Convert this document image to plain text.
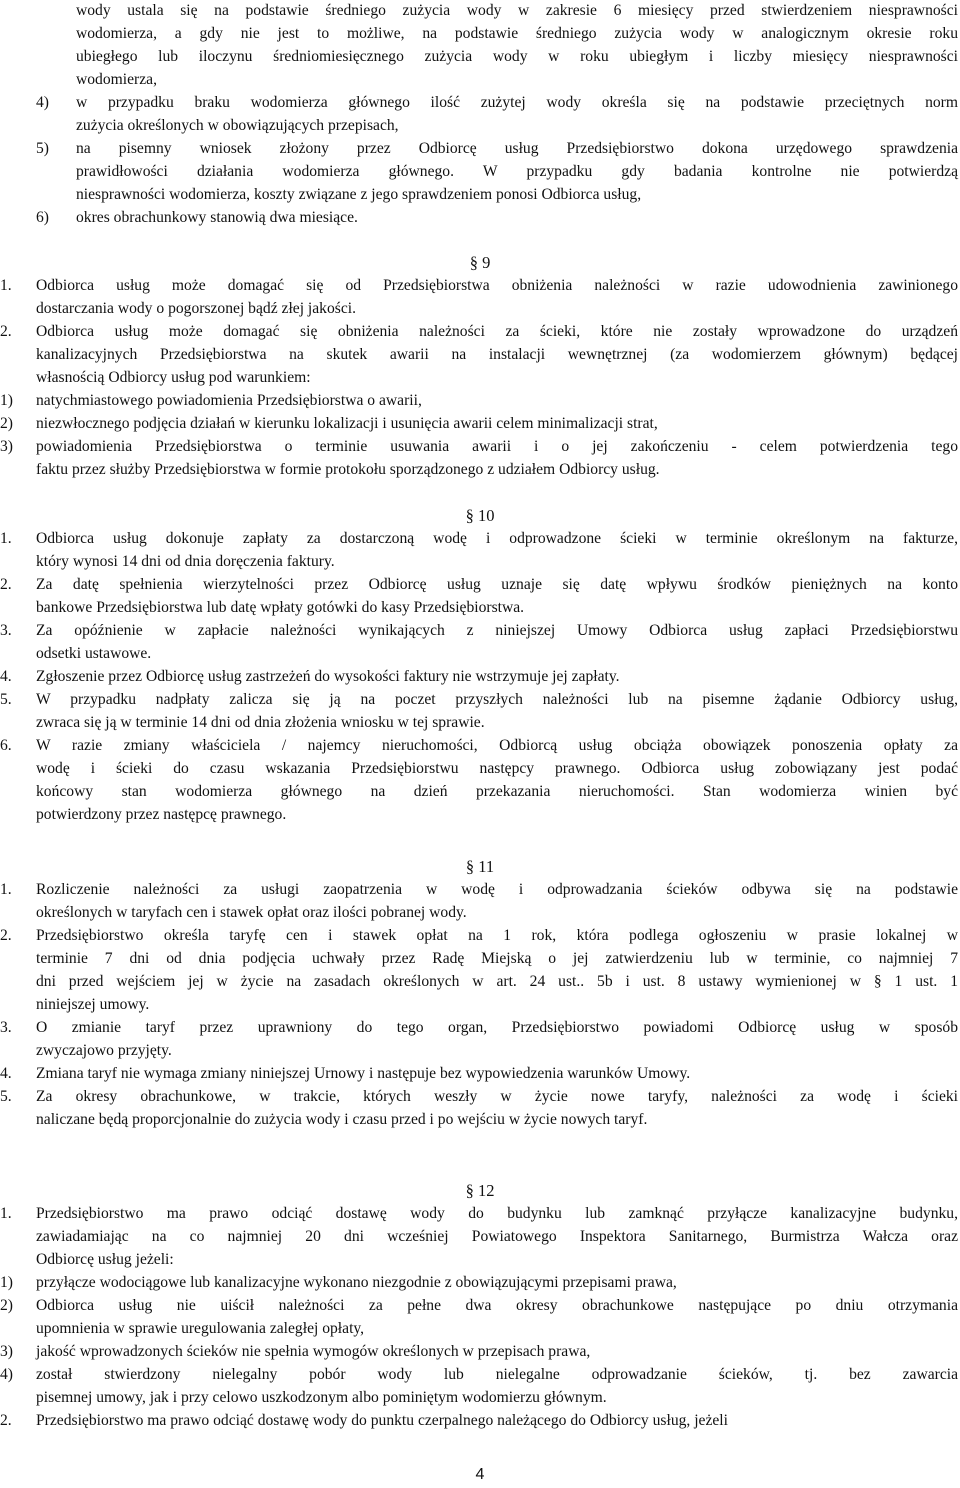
wody ustala się na podstawie średniego zużycia wody w zakresie 6 miesięcy przed stwierdzeniem niesprawności
wodomierza, a gdy nie jest to możliwe, na podstawie średniego zużycia wody w analogicznym okresie roku
ubiegłego lub iloczynu średniomiesięcznego zużycia wody w roku ubiegłym i liczby miesięcy niesprawności
wodomierza,
4) w przypadku braku wodomierza głównego ilość zużytej wody określa się na podstawie przeciętnych norm
zużycia określonych w obowiązujących przepisach,
5) na pisemny wniosek złożony przez Odbiorcę usług Przedsiębiorstwo dokona urzędowego sprawdzenia
prawidłowości działania wodomierza głównego. W przypadku gdy badania kontrolne nie potwierdzą
niesprawności wodomierza, koszty związane z jego sprawdzeniem ponosi Odbiorca usług,
6) okres obrachunkowy stanowią dwa miesiące.
§ 9
1. Odbiorca usług może domagać się od Przedsiębiorstwa obniżenia należności w razie udowodnienia zawinionego
dostarczania wody o pogorszonej bądź złej jakości.
2. Odbiorca usług może domagać się obniżenia należności za ścieki, które nie zostały wprowadzone do urządzeń
kanalizacyjnych Przedsiębiorstwa na skutek awarii na instalacji wewnętrznej (za wodomierzem głównym) będącej
własnością Odbiorcy usług pod warunkiem:
1) natychmiastowego powiadomienia Przedsiębiorstwa o awarii,
2) niezwłocznego podjęcia działań w kierunku lokalizacji i usunięcia awarii celem minimalizacji strat,
3) powiadomienia Przedsiębiorstwa o terminie usuwania awarii i o jej zakończeniu - celem potwierdzenia tego
faktu przez służby Przedsiębiorstwa w formie protokołu sporządzonego z udziałem Odbiorcy usług.
§ 10
1. Odbiorca usług dokonuje zapłaty za dostarczoną wodę i odprowadzone ścieki w terminie określonym na fakturze,
który wynosi 14 dni od dnia doręczenia faktury.
2. Za datę spełnienia wierzytelności przez Odbiorcę usług uznaje się datę wpływu środków pieniężnych na konto
bankowe Przedsiębiorstwa lub datę wpłaty gotówki do kasy Przedsiębiorstwa.
3. Za opóźnienie w zapłacie należności wynikających z niniejszej Umowy Odbiorca usług zapłaci Przedsiębiorstwu
odsetki ustawowe.
4. Zgłoszenie przez Odbiorcę usług zastrzeżeń do wysokości faktury nie wstrzymuje jej zapłaty.
5. W przypadku nadpłaty zalicza się ją na poczet przyszłych należności lub na pisemne żądanie Odbiorcy usług,
zwraca się ją w terminie 14 dni od dnia złożenia wniosku w tej sprawie.
6. W razie zmiany właściciela / najemcy nieruchomości, Odbiorcą usług obciąża obowiązek ponoszenia opłaty za
wodę i ścieki do czasu wskazania Przedsiębiorstwu następcy prawnego. Odbiorca usług zobowiązany jest podać
końcowy stan wodomierza głównego na dzień przekazania nieruchomości. Stan wodomierza winien być
potwierdzony przez następcę prawnego.
§ 11
1. Rozliczenie należności za usługi zaopatrzenia w wodę i odprowadzania ścieków odbywa się na podstawie
określonych w taryfach cen i stawek opłat oraz ilości pobranej wody.
2. Przedsiębiorstwo określa taryfę cen i stawek opłat na 1 rok, która podlega ogłoszeniu w prasie lokalnej w
terminie 7 dni od dnia podjęcia uchwały przez Radę Miejską o jej zatwierdzeniu lub w terminie, co najmniej 7
dni przed wejściem jej w życie na zasadach określonych w art. 24 ust.. 5b i ust. 8 ustawy wymienionej w § 1 ust. 1
niniejszej umowy.
3. O zmianie taryf przez uprawniony do tego organ, Przedsiębiorstwo powiadomi Odbiorcę usług w sposób
zwyczajowo przyjęty.
4. Zmiana taryf nie wymaga zmiany niniejszej Urnowy i następuje bez wypowiedzenia warunków Umowy.
5. Za okresy obrachunkowe, w trakcie, których weszły w życie nowe taryfy, należności za wodę i ścieki
naliczane będą proporcjonalnie do zużycia wody i czasu przed i po wejściu w życie nowych taryf.
§ 12
1. Przedsiębiorstwo ma prawo odciąć dostawę wody do budynku lub zamknąć przyłącze kanalizacyjne budynku,
zawiadamiając na co najmniej 20 dni wcześniej Powiatowego Inspektora Sanitarnego, Burmistrza Wałcza oraz
Odbiorcę usług jeżeli:
1) przyłącze wodociągowe lub kanalizacyjne wykonano niezgodnie z obowiązującymi przepisami prawa,
2) Odbiorca usług nie uiścił należności za pełne dwa okresy obrachunkowe następujące po dniu otrzymania
upomnienia w sprawie uregulowania zaległej opłaty,
3) jakość wprowadzonych ścieków nie spełnia wymogów określonych w przepisach prawa,
4) został stwierdzony nielegalny pobór wody lub nielegalne odprowadzanie ścieków, tj. bez zawarcia
pisemnej umowy, jak i przy celowo uszkodzonym albo pominiętym wodomierzu głównym.
2. Przedsiębiorstwo ma prawo odciąć dostawę wody do punktu czerpalnego należącego do Odbiorcy usług, jeżeli
4
